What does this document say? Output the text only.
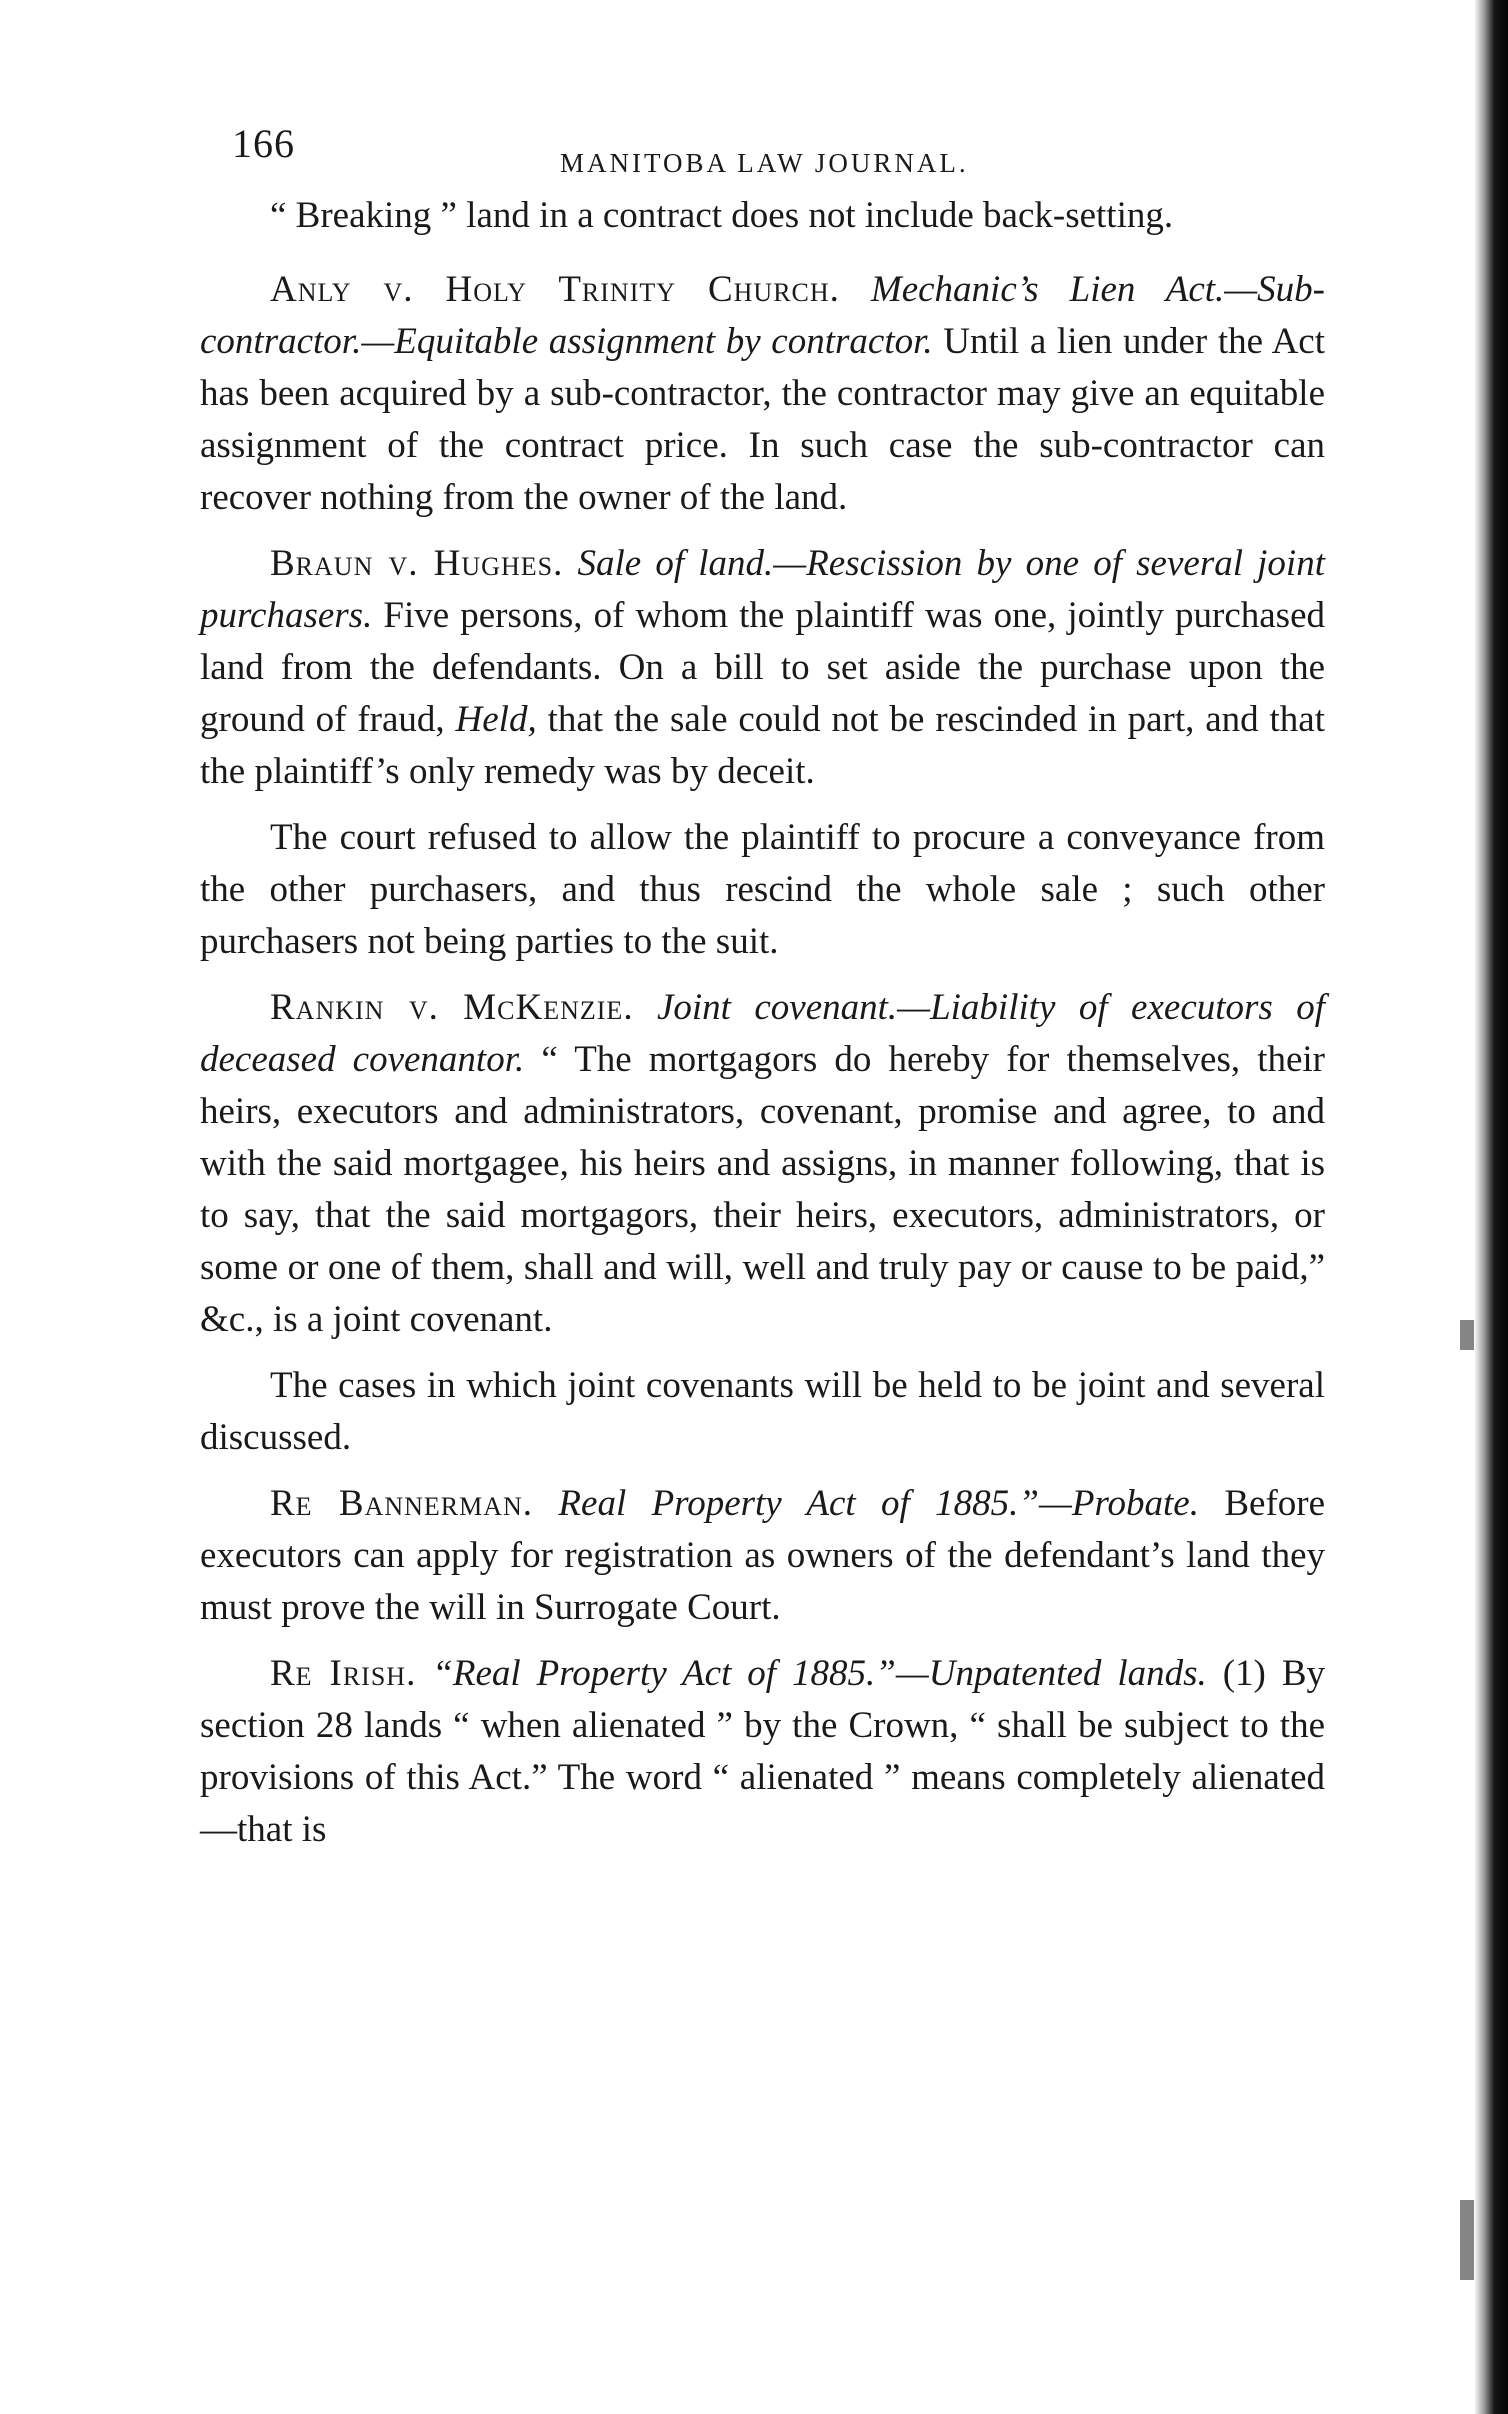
166	MANITOBA LAW JOURNAL.

“ Breaking ” land in a contract does not include back-setting.

Anly v. Holy Trinity Church. Mechanic’s Lien Act.—Sub-contractor.—Equitable assignment by contractor. Until a lien under the Act has been acquired by a sub-contractor, the contractor may give an equitable assignment of the contract price. In such case the sub-contractor can recover nothing from the owner of the land.

Braun v. Hughes. Sale of land.—Rescission by one of several joint purchasers. Five persons, of whom the plaintiff was one, jointly purchased land from the defendants. On a bill to set aside the purchase upon the ground of fraud, Held, that the sale could not be rescinded in part, and that the plaintiff’s only remedy was by deceit.

The court refused to allow the plaintiff to procure a conveyance from the other purchasers, and thus rescind the whole sale ; such other purchasers not being parties to the suit.

Rankin v. McKenzie. Joint covenant.—Liability of executors of deceased covenantor. “ The mortgagors do hereby for themselves, their heirs, executors and administrators, covenant, promise and agree, to and with the said mortgagee, his heirs and assigns, in manner following, that is to say, that the said mortgagors, their heirs, executors, administrators, or some or one of them, shall and will, well and truly pay or cause to be paid,” &c., is a joint covenant.

The cases in which joint covenants will be held to be joint and several discussed.

Re Bannerman. Real Property Act of 1885.”—Probate. Before executors can apply for registration as owners of the defendant’s land they must prove the will in Surrogate Court.

Re Irish. “Real Property Act of 1885.”—Unpatented lands. (1) By section 28 lands “ when alienated ” by the Crown, “ shall be subject to the provisions of this Act.” The word “ alienated ” means completely alienated—that is
